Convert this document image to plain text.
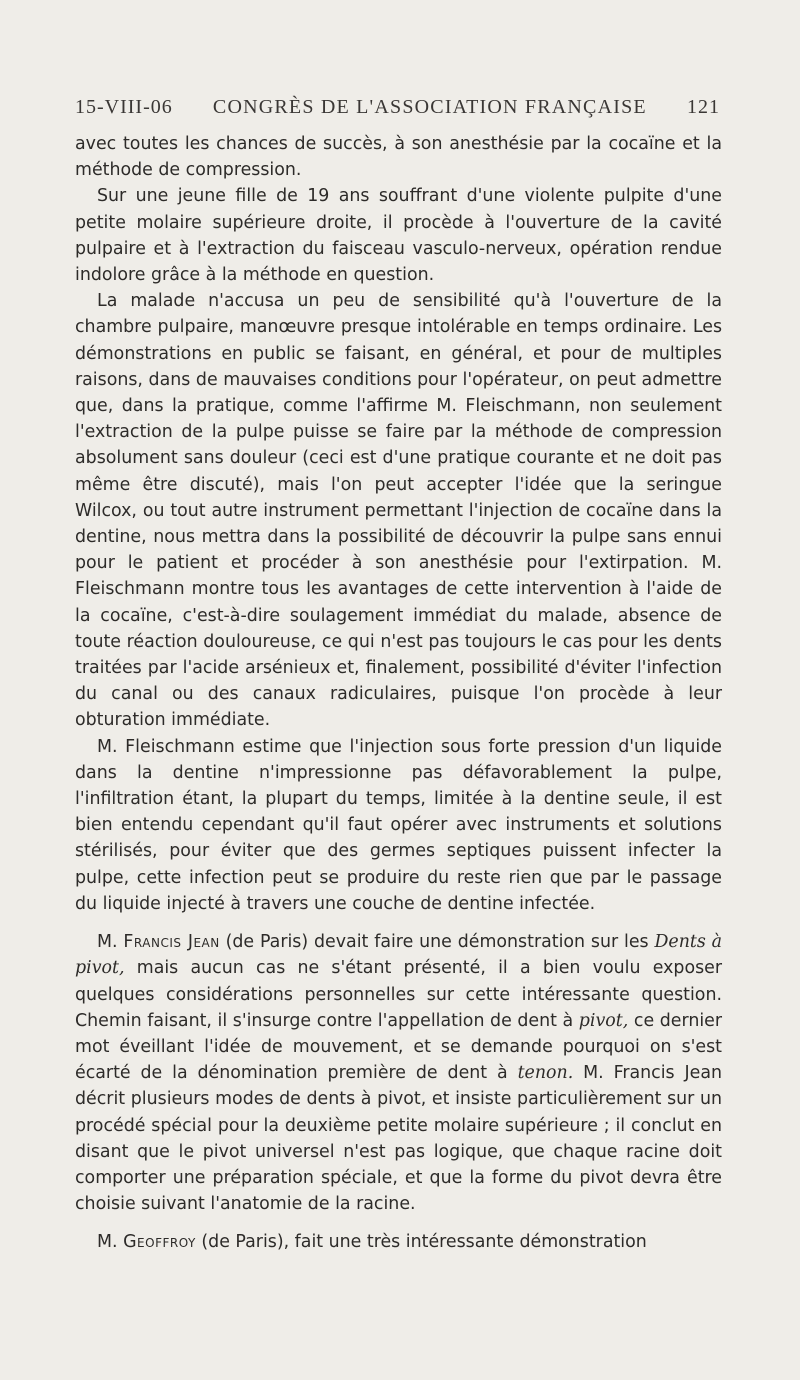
15-VIII-06 CONGRÈS DE L'ASSOCIATION FRANÇAISE 121

avec toutes les chances de succès, à son anesthésie par la cocaïne et la méthode de compression.

Sur une jeune fille de 19 ans souffrant d'une violente pulpite d'une petite molaire supérieure droite, il procède à l'ouverture de la cavité pulpaire et à l'extraction du faisceau vasculo-nerveux, opération rendue indolore grâce à la méthode en question.

La malade n'accusa un peu de sensibilité qu'à l'ouverture de la chambre pulpaire, manœuvre presque intolérable en temps ordinaire. Les démonstrations en public se faisant, en général, et pour de multiples raisons, dans de mauvaises conditions pour l'opérateur, on peut admettre que, dans la pratique, comme l'affirme M. Fleischmann, non seulement l'extraction de la pulpe puisse se faire par la méthode de compression absolument sans douleur (ceci est d'une pratique courante et ne doit pas même être discuté), mais l'on peut accepter l'idée que la seringue Wilcox, ou tout autre instrument permettant l'injection de cocaïne dans la dentine, nous mettra dans la possibilité de découvrir la pulpe sans ennui pour le patient et procéder à son anesthésie pour l'extirpation. M. Fleischmann montre tous les avantages de cette intervention à l'aide de la cocaïne, c'est-à-dire soulagement immédiat du malade, absence de toute réaction douloureuse, ce qui n'est pas toujours le cas pour les dents traitées par l'acide arsénieux et, finalement, possibilité d'éviter l'infection du canal ou des canaux radiculaires, puisque l'on procède à leur obturation immédiate.

M. Fleischmann estime que l'injection sous forte pression d'un liquide dans la dentine n'impressionne pas défavorablement la pulpe, l'infiltration étant, la plupart du temps, limitée à la dentine seule, il est bien entendu cependant qu'il faut opérer avec instruments et solutions stérilisés, pour éviter que des germes septiques puissent infecter la pulpe, cette infection peut se produire du reste rien que par le passage du liquide injecté à travers une couche de dentine infectée.

M. Francis Jean (de Paris) devait faire une démonstration sur les Dents à pivot, mais aucun cas ne s'étant présenté, il a bien voulu exposer quelques considérations personnelles sur cette intéressante question. Chemin faisant, il s'insurge contre l'appellation de dent à pivot, ce dernier mot éveillant l'idée de mouvement, et se demande pourquoi on s'est écarté de la dénomination première de dent à tenon. M. Francis Jean décrit plusieurs modes de dents à pivot, et insiste particulièrement sur un procédé spécial pour la deuxième petite molaire supérieure ; il conclut en disant que le pivot universel n'est pas logique, que chaque racine doit comporter une préparation spéciale, et que la forme du pivot devra être choisie suivant l'anatomie de la racine.

M. Geoffroy (de Paris), fait une très intéressante démonstration
